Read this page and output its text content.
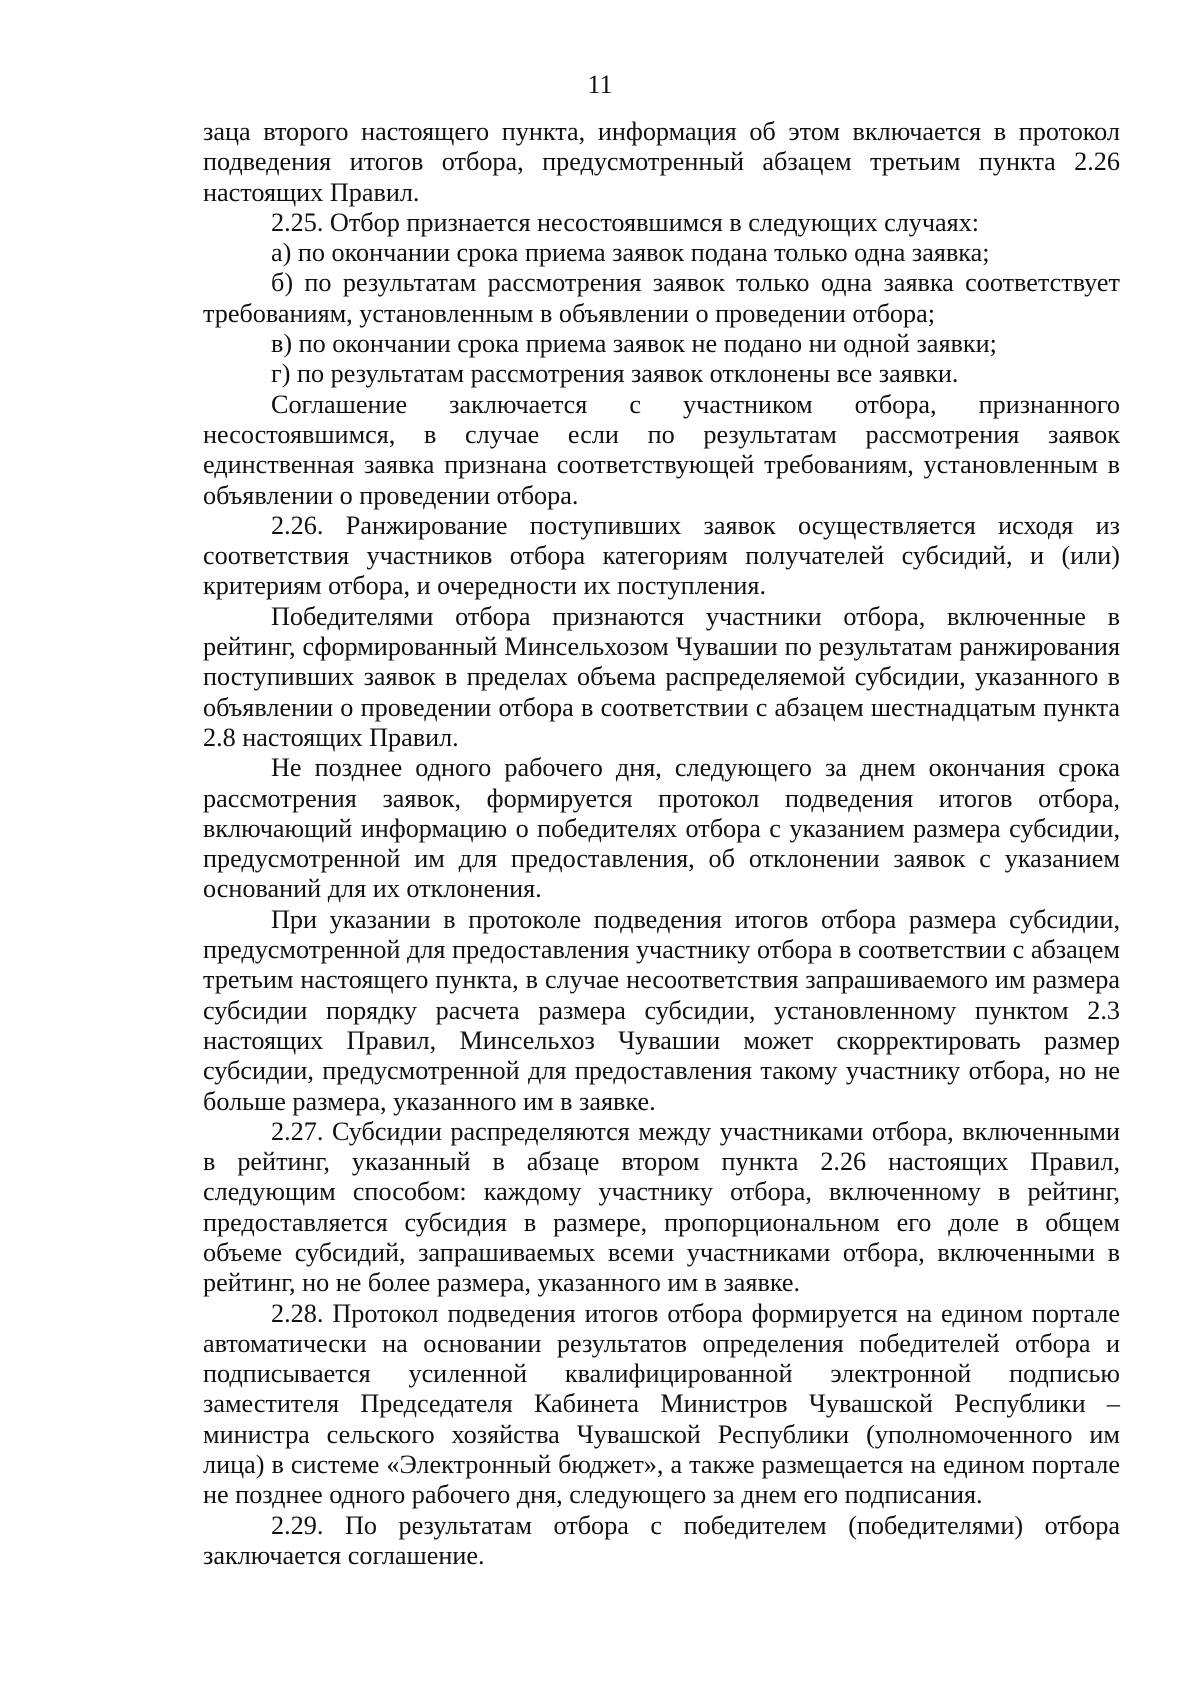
11

заца второго настоящего пункта, информация об этом включается в протокол подведения итогов отбора, предусмотренный абзацем третьим пункта 2.26 настоящих Правил.

2.25. Отбор признается несостоявшимся в следующих случаях:

а) по окончании срока приема заявок подана только одна заявка;

б) по результатам рассмотрения заявок только одна заявка соответствует требованиям, установленным в объявлении о проведении отбора;

в) по окончании срока приема заявок не подано ни одной заявки;

г) по результатам рассмотрения заявок отклонены все заявки.

Соглашение заключается с участником отбора, признанного несостоявшимся, в случае если по результатам рассмотрения заявок единственная заявка признана соответствующей требованиям, установленным в объявлении о проведении отбора.

2.26. Ранжирование поступивших заявок осуществляется исходя из соответствия участников отбора категориям получателей субсидий, и (или) критериям отбора, и очередности их поступления.

Победителями отбора признаются участники отбора, включенные в рейтинг, сформированный Минсельхозом Чувашии по результатам ранжирования поступивших заявок в пределах объема распределяемой субсидии, указанного в объявлении о проведении отбора в соответствии с абзацем шестнадцатым пункта 2.8 настоящих Правил.

Не позднее одного рабочего дня, следующего за днем окончания срока рассмотрения заявок, формируется протокол подведения итогов отбора, включающий информацию о победителях отбора с указанием размера субсидии, предусмотренной им для предоставления, об отклонении заявок с указанием оснований для их отклонения.

При указании в протоколе подведения итогов отбора размера субсидии, предусмотренной для предоставления участнику отбора в соответствии с абзацем третьим настоящего пункта, в случае несоответствия запрашиваемого им размера субсидии порядку расчета размера субсидии, установленному пунктом 2.3 настоящих Правил, Минсельхоз Чувашии может скорректировать размер субсидии, предусмотренной для предоставления такому участнику отбора, но не больше размера, указанного им в заявке.

2.27. Субсидии распределяются между участниками отбора, включенными в рейтинг, указанный в абзаце втором пункта 2.26 настоящих Правил, следующим способом: каждому участнику отбора, включенному в рейтинг, предоставляется субсидия в размере, пропорциональном его доле в общем объеме субсидий, запрашиваемых всеми участниками отбора, включенными в рейтинг, но не более размера, указанного им в заявке.

2.28. Протокол подведения итогов отбора формируется на едином портале автоматически на основании результатов определения победителей отбора и подписывается усиленной квалифицированной электронной подписью заместителя Председателя Кабинета Министров Чувашской Республики – министра сельского хозяйства Чувашской Республики (уполномоченного им лица) в системе «Электронный бюджет», а также размещается на едином портале не позднее одного рабочего дня, следующего за днем его подписания.

2.29. По результатам отбора с победителем (победителями) отбора заключается соглашение.
